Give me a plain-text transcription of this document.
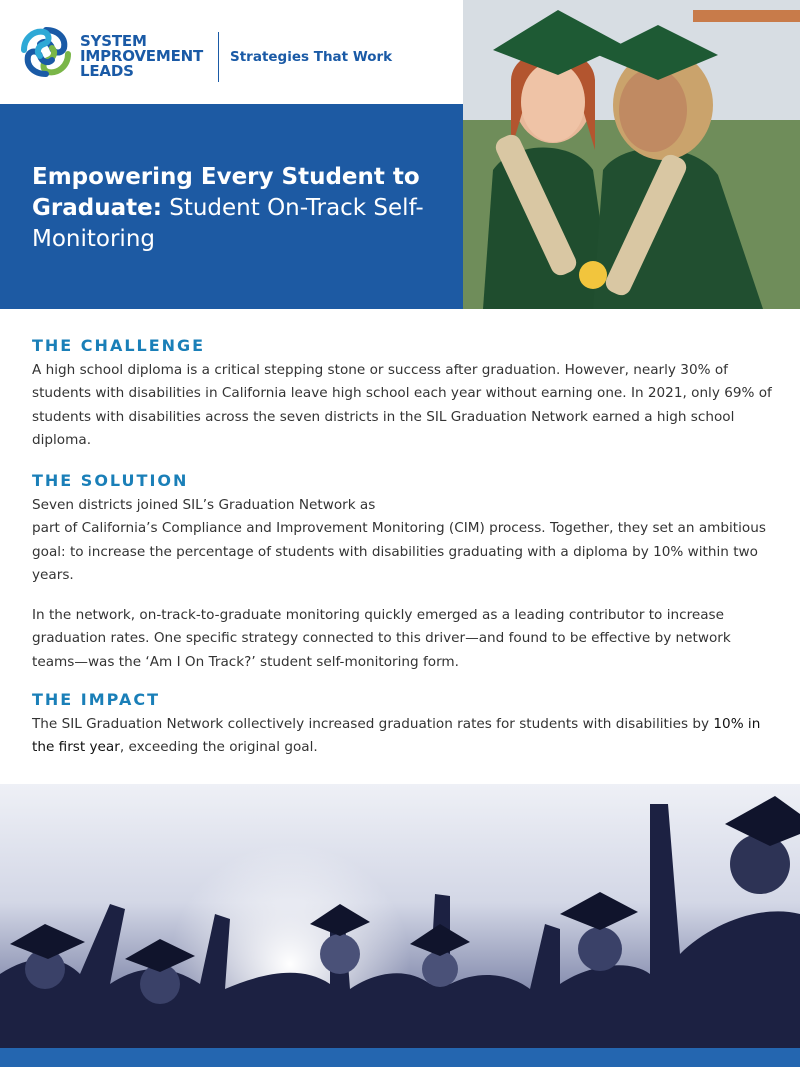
SYSTEM
IMPROVEMENT
LEADS
Strategies That Work
Empowering Every Student to Graduate: Student On-Track Self-Monitoring
THE CHALLENGE
A high school diploma is a critical stepping stone or success after graduation. However, nearly 30% of students with disabilities in California leave high school each year without earning one. In 2021, only 69% of students with disabilities across the seven districts in the SIL Graduation Network earned a high school diploma.
THE SOLUTION
Seven districts joined SIL’s Graduation Network as
part of California’s Compliance and Improvement Monitoring (CIM) process. Together, they set an ambitious goal: to increase the percentage of students with disabilities graduating with a diploma by 10% within two years.
In the network, on-track-to-graduate monitoring quickly emerged as a leading contributor to increase graduation rates. One specific strategy connected to this driver—and found to be effective by network teams—was the ‘Am I On Track?’ student self-monitoring form.
THE IMPACT
The SIL Graduation Network collectively increased graduation rates for students with disabilities by 10% in the first year, exceeding the original goal.
